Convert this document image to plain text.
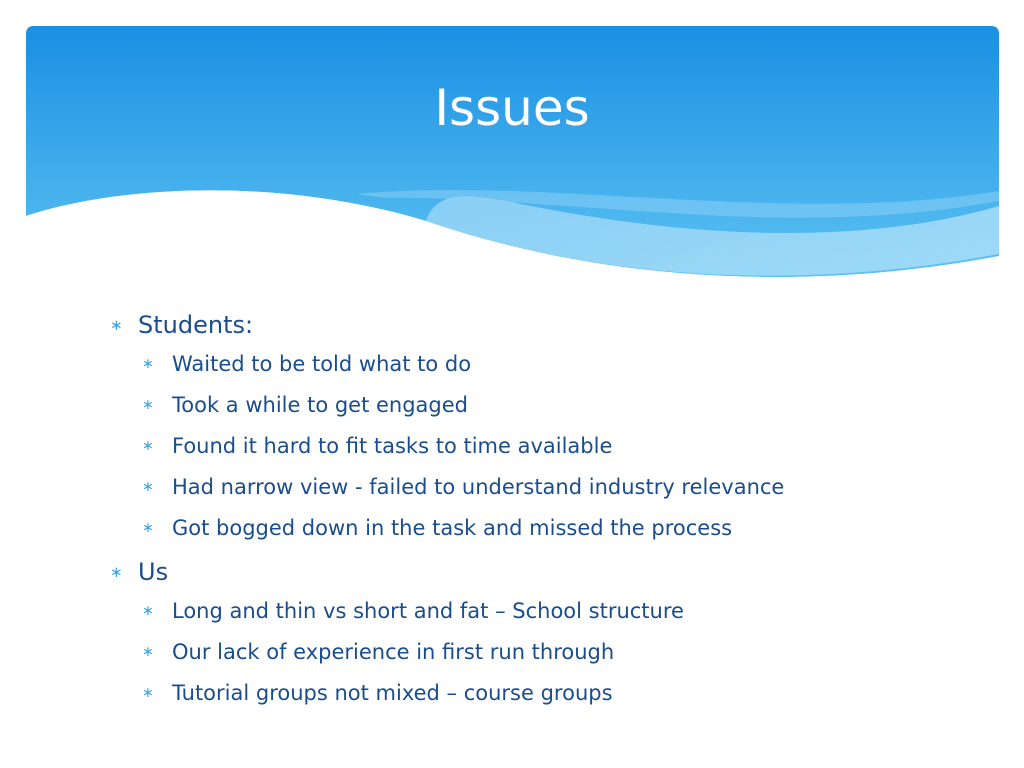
Issues
∗ Students:
∗ Waited to be told what to do
∗ Took a while to get engaged
∗ Found it hard to fit tasks to time available
∗ Had narrow view - failed to understand industry relevance
∗ Got bogged down in the task and missed the process
∗ Us
∗ Long and thin vs short and fat – School structure
∗ Our lack of experience in first run through
∗ Tutorial groups not mixed – course groups
